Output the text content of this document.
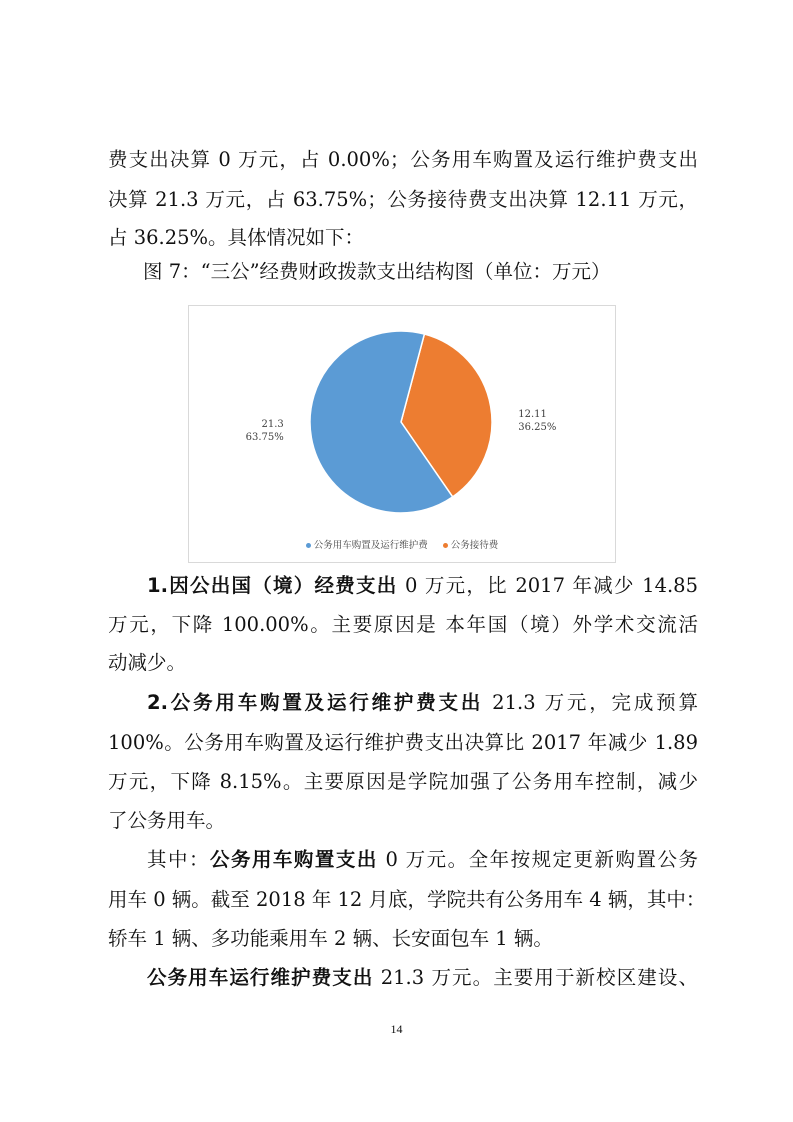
费支出决算 0 万元，占 0.00%；公务用车购置及运行维护费支出
决算 21.3 万元，占 63.75%；公务接待费支出决算 12.11 万元，
占 36.25%。具体情况如下：
图 7：“三公”经费财政拨款支出结构图（单位：万元）
12.11
36.25%
21.3
63.75%
公务用车购置及运行维护费 公务接待费
1.因公出国（境）经费支出 0 万元，比 2017 年减少 14.85
万元，下降 100.00%。主要原因是 本年国（境）外学术交流活
动减少。
2.公务用车购置及运行维护费支出 21.3 万元，完成预算
100%。公务用车购置及运行维护费支出决算比 2017 年减少 1.89
万元，下降 8.15%。主要原因是学院加强了公务用车控制，减少
了公务用车。
其中：公务用车购置支出 0 万元。全年按规定更新购置公务
用车 0 辆。截至 2018 年 12 月底，学院共有公务用车 4 辆，其中：
轿车 1 辆、多功能乘用车 2 辆、长安面包车 1 辆。
公务用车运行维护费支出 21.3 万元。主要用于新校区建设、
14
